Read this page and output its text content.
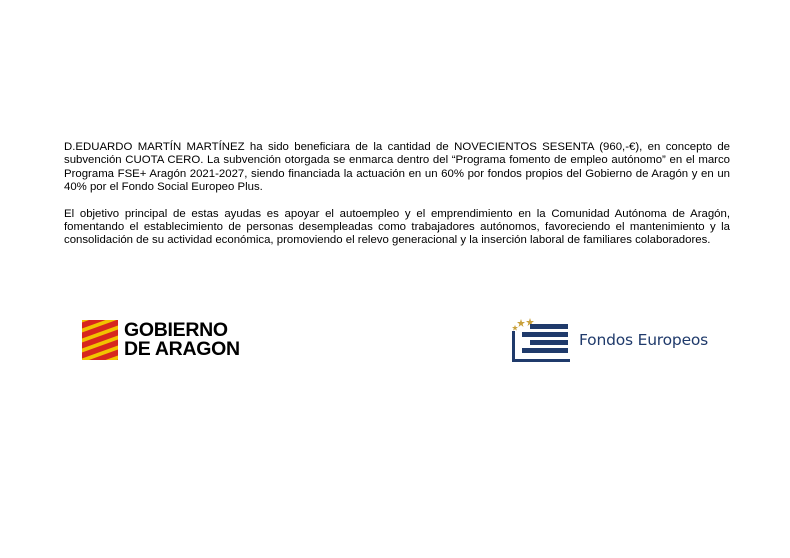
D.EDUARDO MARTÍN MARTÍNEZ ha sido beneficiara de la cantidad de NOVECIENTOS SESENTA (960,-€), en concepto de subvención CUOTA CERO. La subvención otorgada se enmarca dentro del “Programa fomento de empleo autónomo” en el marco Programa FSE+ Aragón 2021-2027, siendo financiada la actuación en un 60% por fondos propios del Gobierno de Aragón y en un 40% por el Fondo Social Europeo Plus.

El objetivo principal de estas ayudas es apoyar el autoempleo y el emprendimiento en la Comunidad Autónoma de Aragón, fomentando el establecimiento de personas desempleadas como trabajadores autónomos, favoreciendo el mantenimiento y la consolidación de su actividad económica, promoviendo el relevo generacional y la inserción laboral de familiares colaboradores.

GOBIERNO
DE ARAGON	Fondos Europeos
